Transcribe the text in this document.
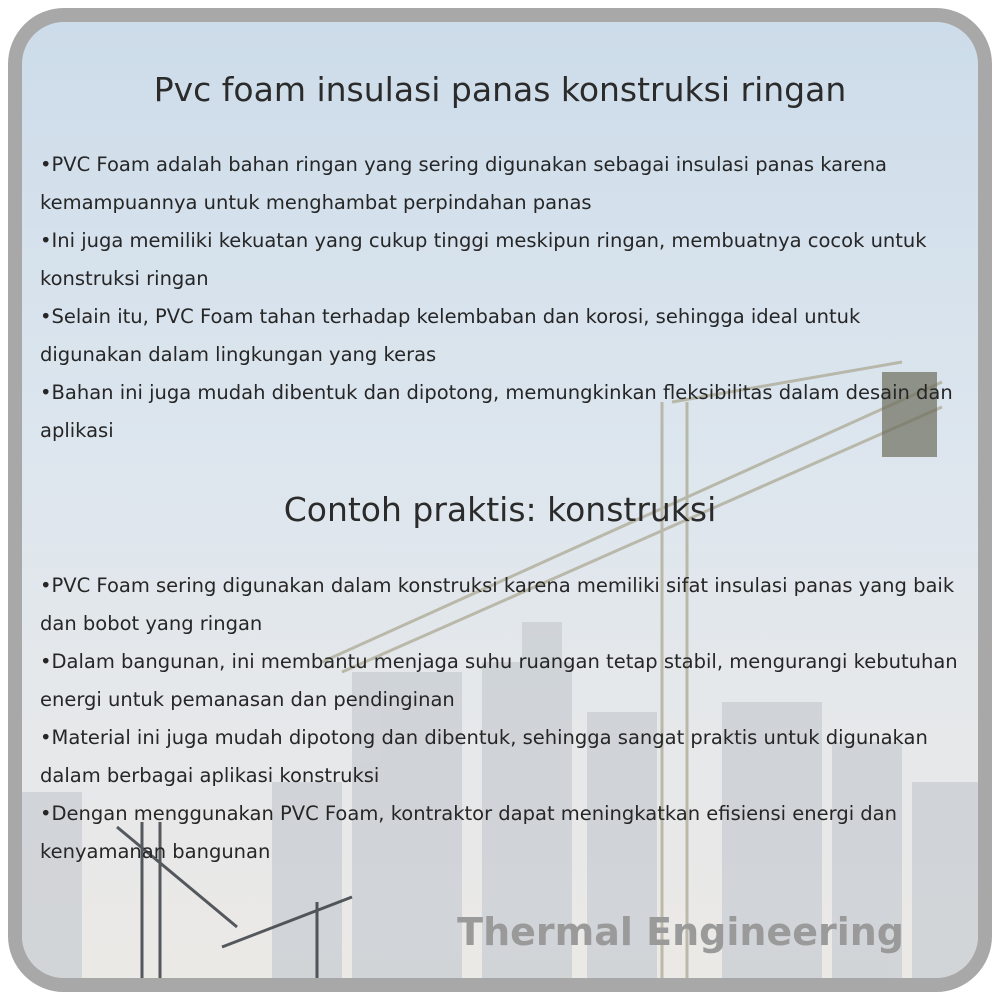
Pvc foam insulasi panas konstruksi ringan
• PVC Foam adalah bahan ringan yang sering digunakan sebagai insulasi panas karena kemampuannya untuk menghambat perpindahan panas
• Ini juga memiliki kekuatan yang cukup tinggi meskipun ringan, membuatnya cocok untuk konstruksi ringan
• Selain itu, PVC Foam tahan terhadap kelembaban dan korosi, sehingga ideal untuk digunakan dalam lingkungan yang keras
• Bahan ini juga mudah dibentuk dan dipotong, memungkinkan fleksibilitas dalam desain dan aplikasi
Contoh praktis: konstruksi
• PVC Foam sering digunakan dalam konstruksi karena memiliki sifat insulasi panas yang baik dan bobot yang ringan
• Dalam bangunan, ini membantu menjaga suhu ruangan tetap stabil, mengurangi kebutuhan energi untuk pemanasan dan pendinginan
• Material ini juga mudah dipotong dan dibentuk, sehingga sangat praktis untuk digunakan dalam berbagai aplikasi konstruksi
• Dengan menggunakan PVC Foam, kontraktor dapat meningkatkan efisiensi energi dan kenyamanan bangunan
Thermal Engineering
